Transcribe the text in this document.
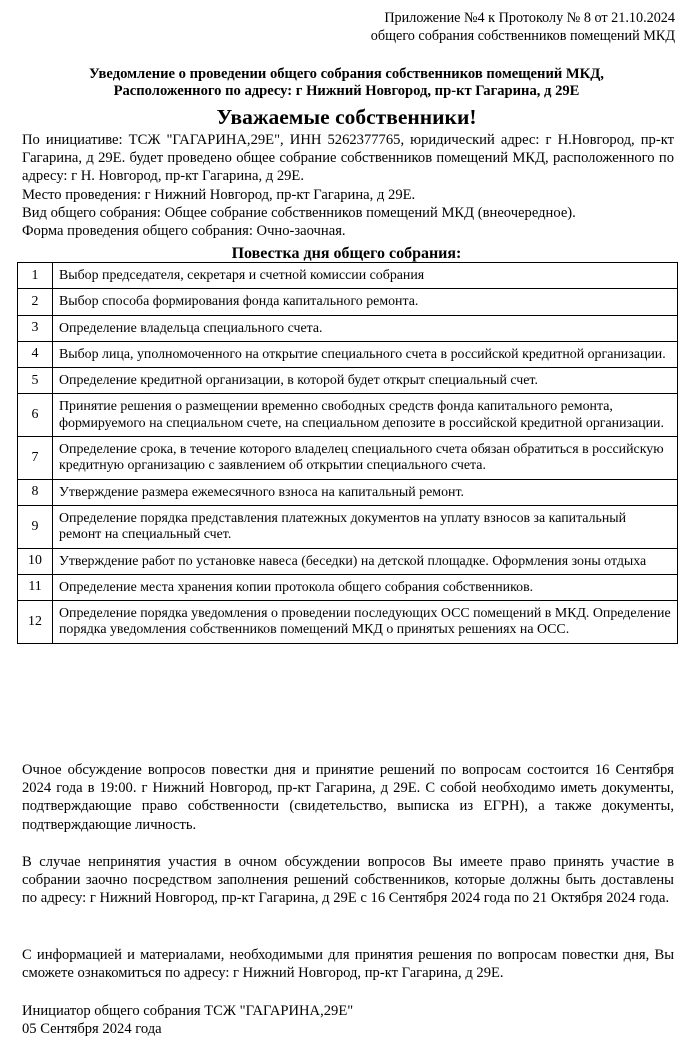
Приложение №4 к Протоколу № 8 от 21.10.2024
общего собрания собственников помещений МКД
Уведомление о проведении общего собрания собственников помещений МКД,
Расположенного по адресу: г Нижний Новгород, пр-кт Гагарина, д 29Е
Уважаемые собственники!

По инициативе: ТСЖ "ГАГАРИНА,29Е", ИНН 5262377765, юридический адрес: г Н.Новгород, пр-кт Гагарина, д 29Е. будет проведено общее собрание собственников помещений МКД, расположенного по адресу: г Н. Новгород, пр-кт Гагарина, д 29Е.

Место проведения: г Нижний Новгород, пр-кт Гагарина, д 29Е.

Вид общего собрания: Общее собрание собственников помещений МКД (внеочередное).

Форма проведения общего собрания: Очно-заочная.

Повестка дня общего собрания:
1	Выбор председателя, секретаря и счетной комиссии собрания
2	Выбор способа формирования фонда капитального ремонта.
3	Определение владельца специального счета.
4	Выбор лица, уполномоченного на открытие специального счета в российской кредитной организации.
5	Определение кредитной организации, в которой будет открыт специальный счет.
6	Принятие решения о размещении временно свободных средств фонда капитального ремонта, формируемого на специальном счете, на специальном депозите в российской кредитной организации.
7	Определение срока, в течение которого владелец специального счета обязан обратиться в российскую кредитную организацию с заявлением об открытии специального счета.
8	Утверждение размера ежемесячного взноса на капитальный ремонт.
9	Определение порядка представления платежных документов на уплату взносов за капитальный ремонт на специальный счет.
10	Утверждение работ по установке навеса (беседки) на детской площадке. Оформления зоны отдыха
11	Определение места хранения копии протокола общего собрания собственников.
12	Определение порядка уведомления о проведении последующих ОСС помещений в МКД. Определение порядка уведомления собственников помещений МКД о принятых решениях на ОСС.

Очное обсуждение вопросов повестки дня и принятие решений по вопросам состоится 16 Сентября 2024 года в 19:00. г Нижний Новгород, пр-кт Гагарина, д 29Е. С собой необходимо иметь документы, подтверждающие право собственности (свидетельство, выписка из ЕГРН), а также документы, подтверждающие личность.

В случае непринятия участия в очном обсуждении вопросов Вы имеете право принять участие в собрании заочно посредством заполнения решений собственников, которые должны быть доставлены по адресу: г Нижний Новгород, пр-кт Гагарина, д 29Е с 16 Сентября 2024 года по 21 Октября 2024 года.

С информацией и материалами, необходимыми для принятия решения по вопросам повестки дня, Вы сможете ознакомиться по адресу: г Нижний Новгород, пр-кт Гагарина, д 29Е.

Инициатор общего собрания ТСЖ "ГАГАРИНА,29Е"
05 Сентября 2024 года
